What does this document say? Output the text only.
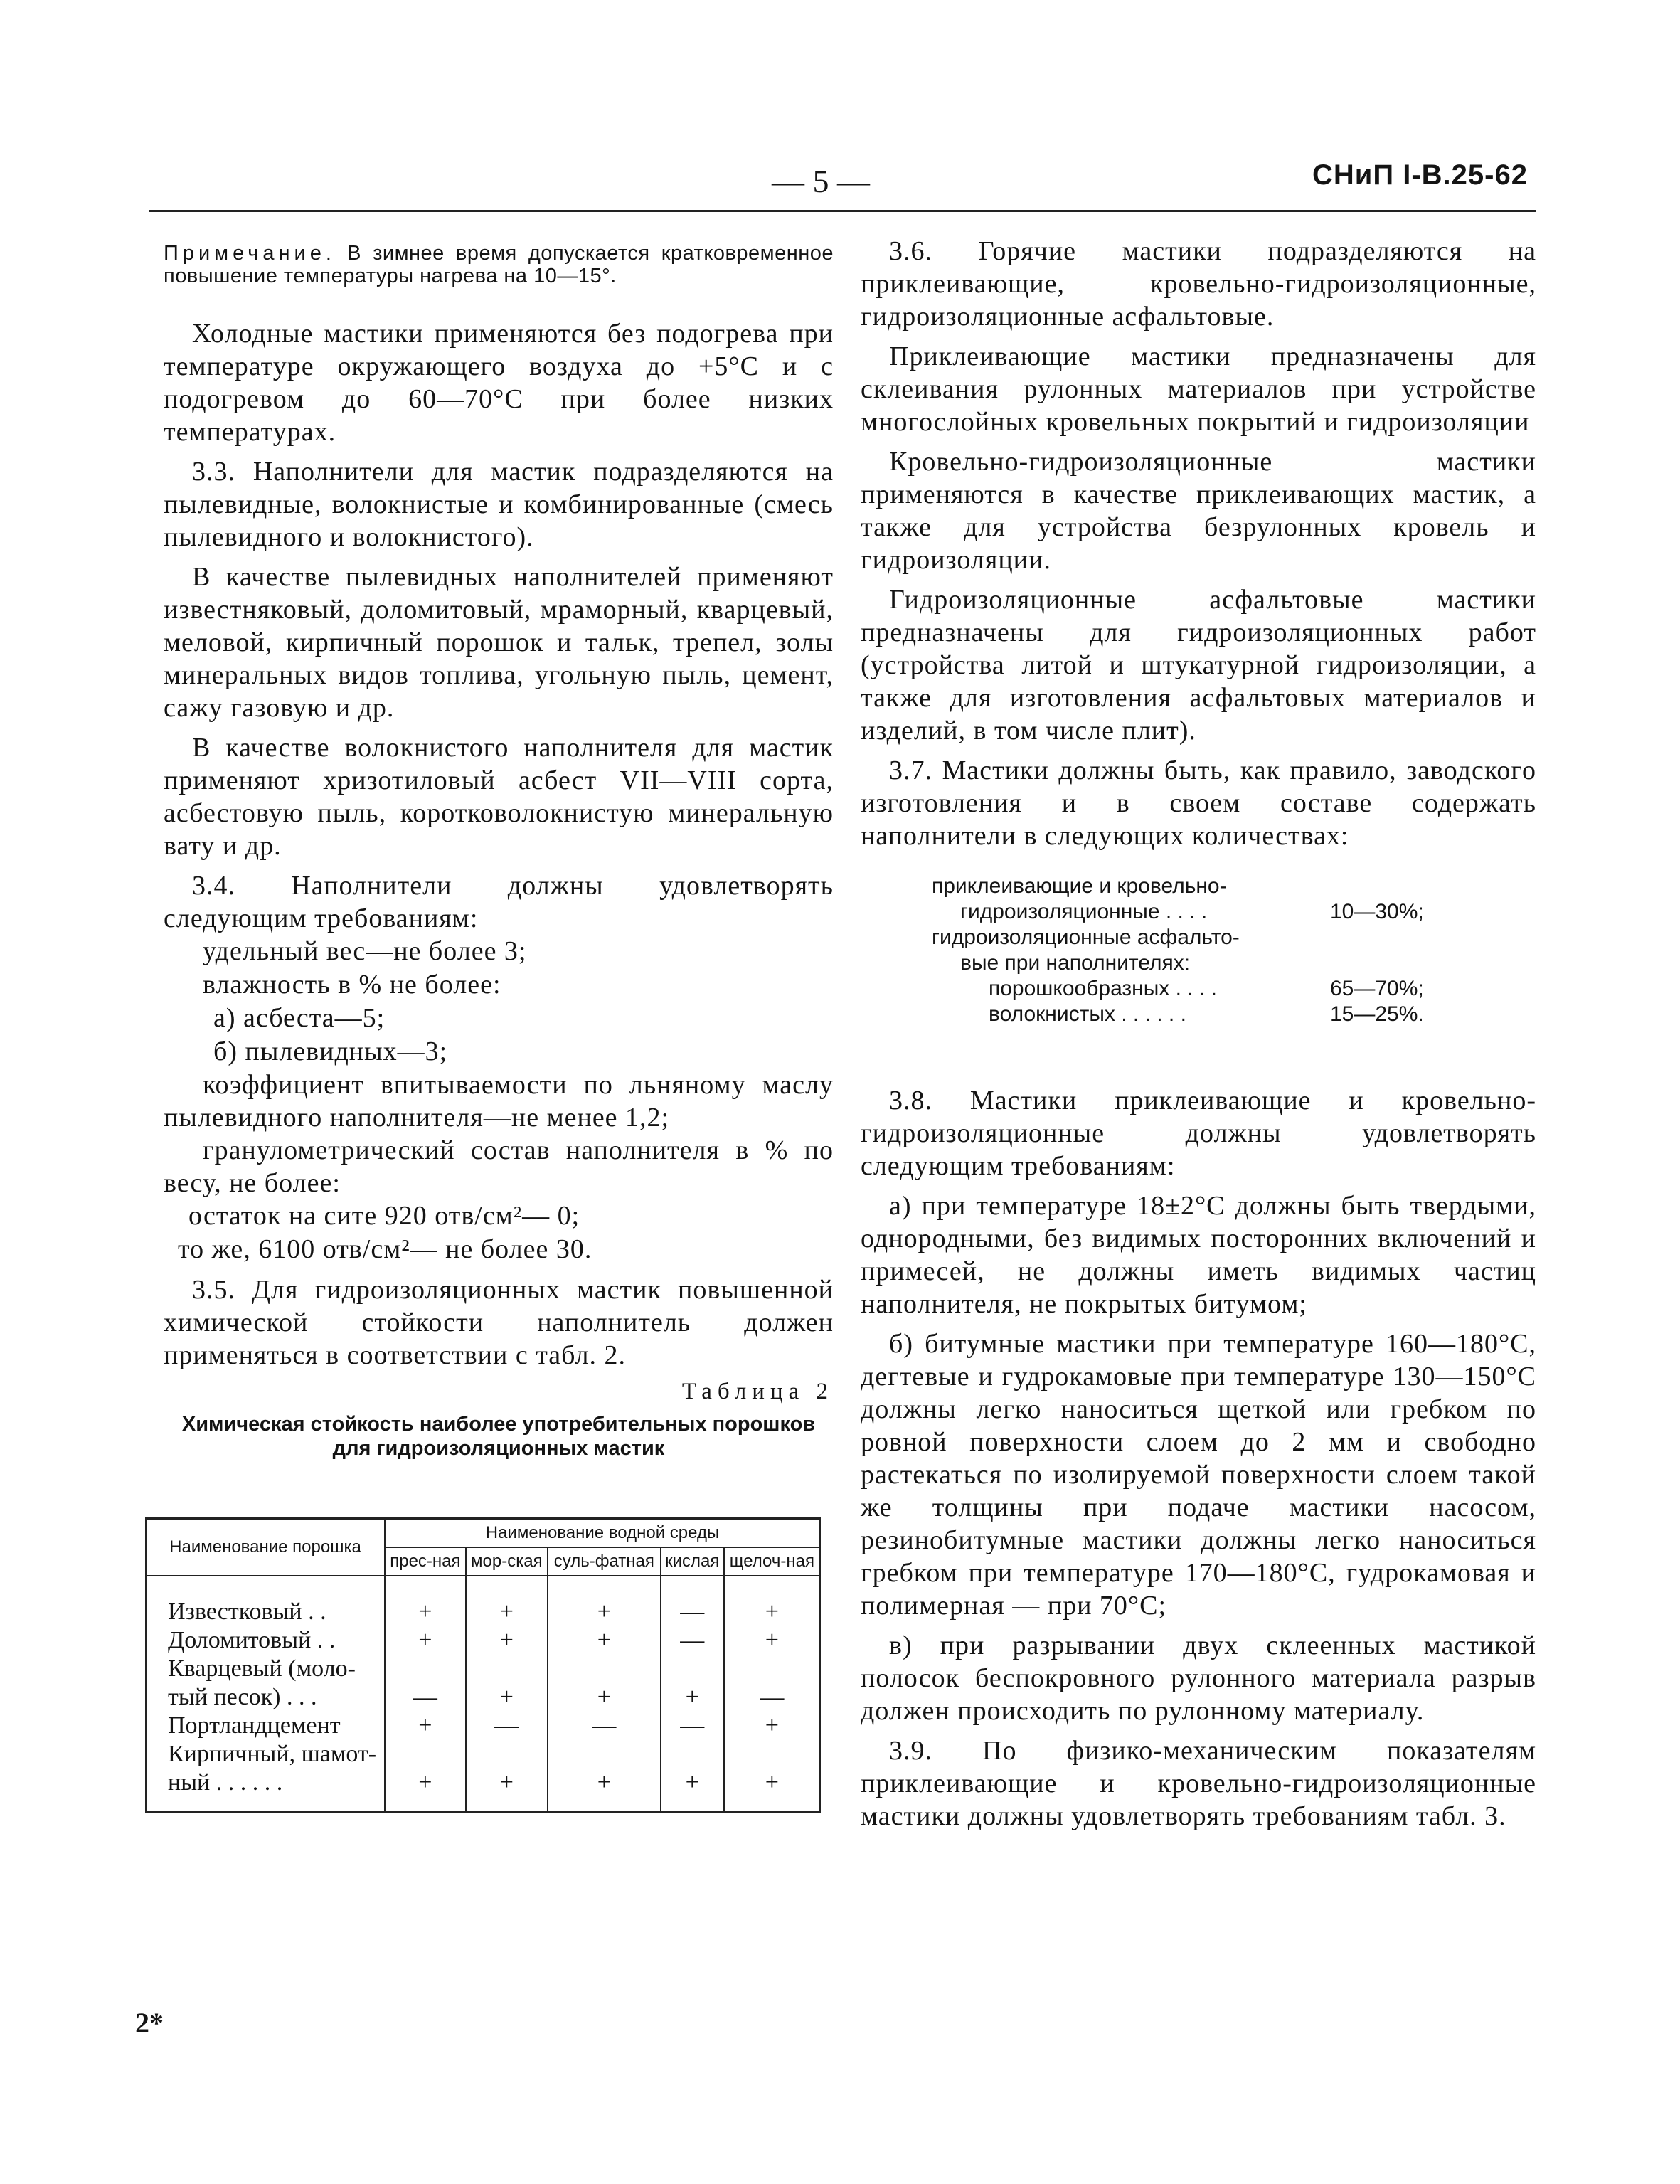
— 5 —	СНиП I-В.25-62

Примечание. В зимнее время допускается кратковременное повышение температуры нагрева на 10—15°.

Холодные мастики применяются без подогрева при температуре окружающего воздуха до +5°C и с подогревом до 60—70°C при более низких температурах.

3.3. Наполнители для мастик подразделяются на пылевидные, волокнистые и комбинированные (смесь пылевидного и волокнистого).

В качестве пылевидных наполнителей применяют известняковый, доломитовый, мраморный, кварцевый, меловой, кирпичный порошок и тальк, трепел, золы минеральных видов топлива, угольную пыль, цемент, сажу газовую и др.

В качестве волокнистого наполнителя для мастик применяют хризотиловый асбест VII—VIII сорта, асбестовую пыль, коротковолокнистую минеральную вату и др.

3.4. Наполнители должны удовлетворять следующим требованиям:

удельный вес—не более 3;

влажность в % не более:

а) асбеста—5;

б) пылевидных—3;

коэффициент впитываемости по льняному маслу пылевидного наполнителя—не менее 1,2;

гранулометрический состав наполнителя в % по весу, не более:

остаток на сите 920 отв/см²— 0;

то же, 6100 отв/см²— не более 30.

3.5. Для гидроизоляционных мастик повышенной химической стойкости наполнитель должен применяться в соответствии с табл. 2.

Таблица 2

Химическая стойкость наиболее употребительных порошков для гидроизоляционных мастик

Наименование порошка	Наименование водной среды				
	прес-ная	мор-ская	суль-фатная	кислая	щелоч-ная
Известковый . .	+	+	+	—	+
Доломитовый . .	+	+	+	—	+
Кварцевый (моло-					
тый песок) . . .	—	+	+	+	—
Портландцемент	+	—	—	—	+
Кирпичный, шамот-					
ный . . . . . .	+	+	+	+	+
2*

3.6. Горячие мастики подразделяются на приклеивающие, кровельно-гидроизоляционные, гидроизоляционные асфальтовые.

Приклеивающие мастики предназначены для склеивания рулонных материалов при устройстве многослойных кровельных покрытий и гидроизоляции

Кровельно-гидроизоляционные мастики применяются в качестве приклеивающих мастик, а также для устройства безрулонных кровель и гидроизоляции.

Гидроизоляционные асфальтовые мастики предназначены для гидроизоляционных работ (устройства литой и штукатурной гидроизоляции, а также для изготовления асфальтовых материалов и изделий, в том числе плит).

3.7. Мастики должны быть, как правило, заводского изготовления и в своем составе содержать наполнители в следующих количествах:

приклеивающие и кровельно-
гидроизоляционные . . . .	10—30%;
гидроизоляционные асфальто-
вые при наполнителях:
порошкообразных . . . .	65—70%;
волокнистых . . . . . .	15—25%.

3.8. Мастики приклеивающие и кровельно-гидроизоляционные должны удовлетворять следующим требованиям:

а) при температуре 18±2°C должны быть твердыми, однородными, без видимых посторонних включений и примесей, не должны иметь видимых частиц наполнителя, не покрытых битумом;

б) битумные мастики при температуре 160—180°C, дегтевые и гудрокамовые при температуре 130—150°C должны легко наноситься щеткой или гребком по ровной поверхности слоем до 2 мм и свободно растекаться по изолируемой поверхности слоем такой же толщины при подаче мастики насосом, резинобитумные мастики должны легко наноситься гребком при температуре 170—180°C, гудрокамовая и полимерная — при 70°C;

в) при разрывании двух склеенных мастикой полосок беспокровного рулонного материала разрыв должен происходить по рулонному материалу.

3.9. По физико-механическим показателям приклеивающие и кровельно-гидроизоляционные мастики должны удовлетворять требованиям табл. 3.
